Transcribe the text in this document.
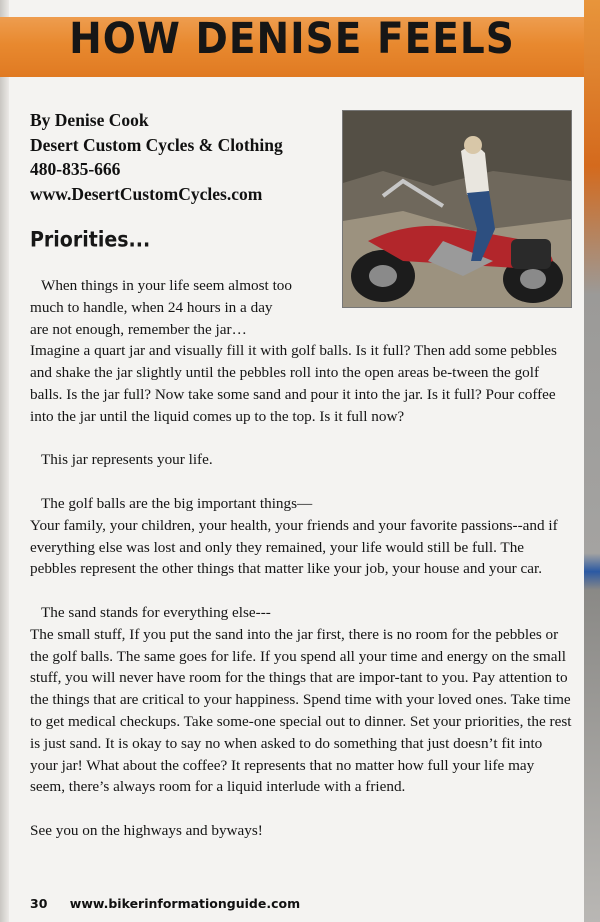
HOW DENISE FEELS
By Denise Cook
Desert Custom Cycles & Clothing
480-835-666
www.DesertCustomCycles.com
Priorities...

When things in your life seem almost too

much to handle, when 24 hours in a day

are not enough, remember the jar…

Imagine a quart jar and visually fill it with golf balls. Is it full? Then add some pebbles and shake the jar slightly until the pebbles roll into the open areas be-tween the golf balls. Is the jar full? Now take some sand and pour it into the jar. Is it full? Pour coffee into the jar until the liquid comes up to the top. Is it full now?

This jar represents your life.

The golf balls are the big important things—

Your family, your children, your health, your friends and your favorite passions--and if everything else was lost and only they remained, your life would still be full. The pebbles represent the other things that matter like your job, your house and your car.

The sand stands for everything else---

The small stuff, If you put the sand into the jar first, there is no room for the pebbles or the golf balls. The same goes for life. If you spend all your time and energy on the small stuff, you will never have room for the things that are impor-tant to you. Pay attention to the things that are critical to your happiness. Spend time with your loved ones. Take time to get medical checkups. Take some-one special out to dinner. Set your priorities, the rest is just sand. It is okay to say no when asked to do something that just doesn’t fit into your jar! What about the coffee? It represents that no matter how full your life may seem, there’s always room for a liquid interlude with a friend.

See you on the highways and byways!

30 www.bikerinformationguide.com
